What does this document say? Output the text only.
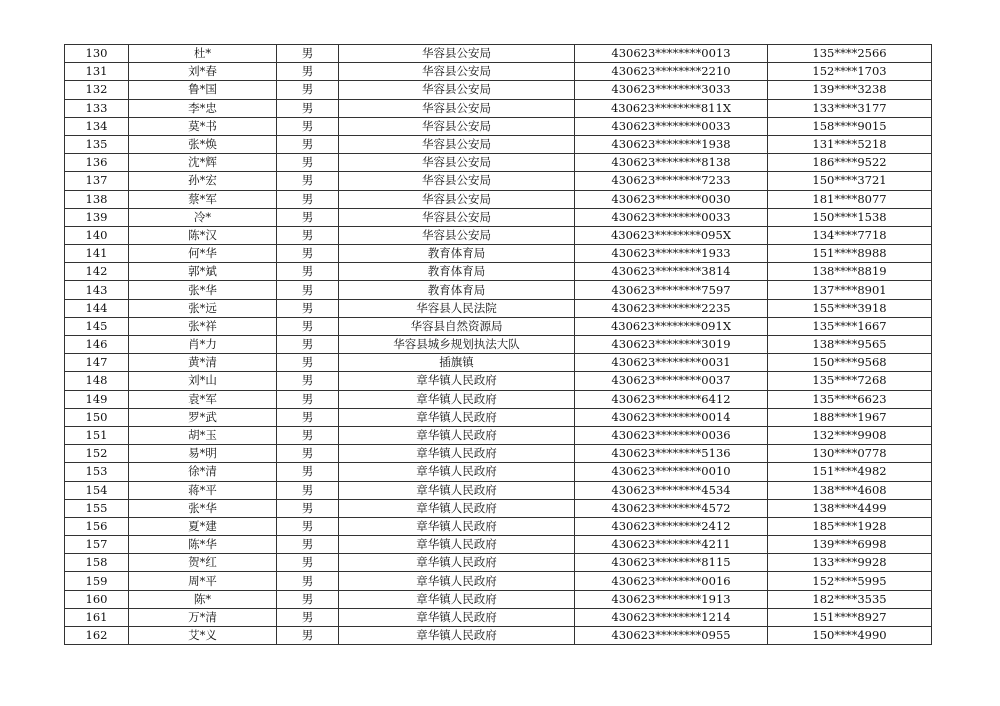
130	杜*	男	华容县公安局	430623********0013	135****2566
131	刘*春	男	华容县公安局	430623********2210	152****1703
132	鲁*国	男	华容县公安局	430623********3033	139****3238
133	李*忠	男	华容县公安局	430623********811X	133****3177
134	莫*书	男	华容县公安局	430623********0033	158****9015
135	张*焕	男	华容县公安局	430623********1938	131****5218
136	沈*辉	男	华容县公安局	430623********8138	186****9522
137	孙*宏	男	华容县公安局	430623********7233	150****3721
138	蔡*军	男	华容县公安局	430623********0030	181****8077
139	冷*	男	华容县公安局	430623********0033	150****1538
140	陈*汉	男	华容县公安局	430623********095X	134****7718
141	何*华	男	教育体育局	430623********1933	151****8988
142	郭*斌	男	教育体育局	430623********3814	138****8819
143	张*华	男	教育体育局	430623********7597	137****8901
144	张*远	男	华容县人民法院	430623********2235	155****3918
145	张*祥	男	华容县自然资源局	430623********091X	135****1667
146	肖*力	男	华容县城乡规划执法大队	430623********3019	138****9565
147	黄*清	男	插旗镇	430623********0031	150****9568
148	刘*山	男	章华镇人民政府	430623********0037	135****7268
149	袁*军	男	章华镇人民政府	430623********6412	135****6623
150	罗*武	男	章华镇人民政府	430623********0014	188****1967
151	胡*玉	男	章华镇人民政府	430623********0036	132****9908
152	易*明	男	章华镇人民政府	430623********5136	130****0778
153	徐*清	男	章华镇人民政府	430623********0010	151****4982
154	蒋*平	男	章华镇人民政府	430623********4534	138****4608
155	张*华	男	章华镇人民政府	430623********4572	138****4499
156	夏*建	男	章华镇人民政府	430623********2412	185****1928
157	陈*华	男	章华镇人民政府	430623********4211	139****6998
158	贺*红	男	章华镇人民政府	430623********8115	133****9928
159	周*平	男	章华镇人民政府	430623********0016	152****5995
160	陈*	男	章华镇人民政府	430623********1913	182****3535
161	万*清	男	章华镇人民政府	430623********1214	151****8927
162	艾*义	男	章华镇人民政府	430623********0955	150****4990
